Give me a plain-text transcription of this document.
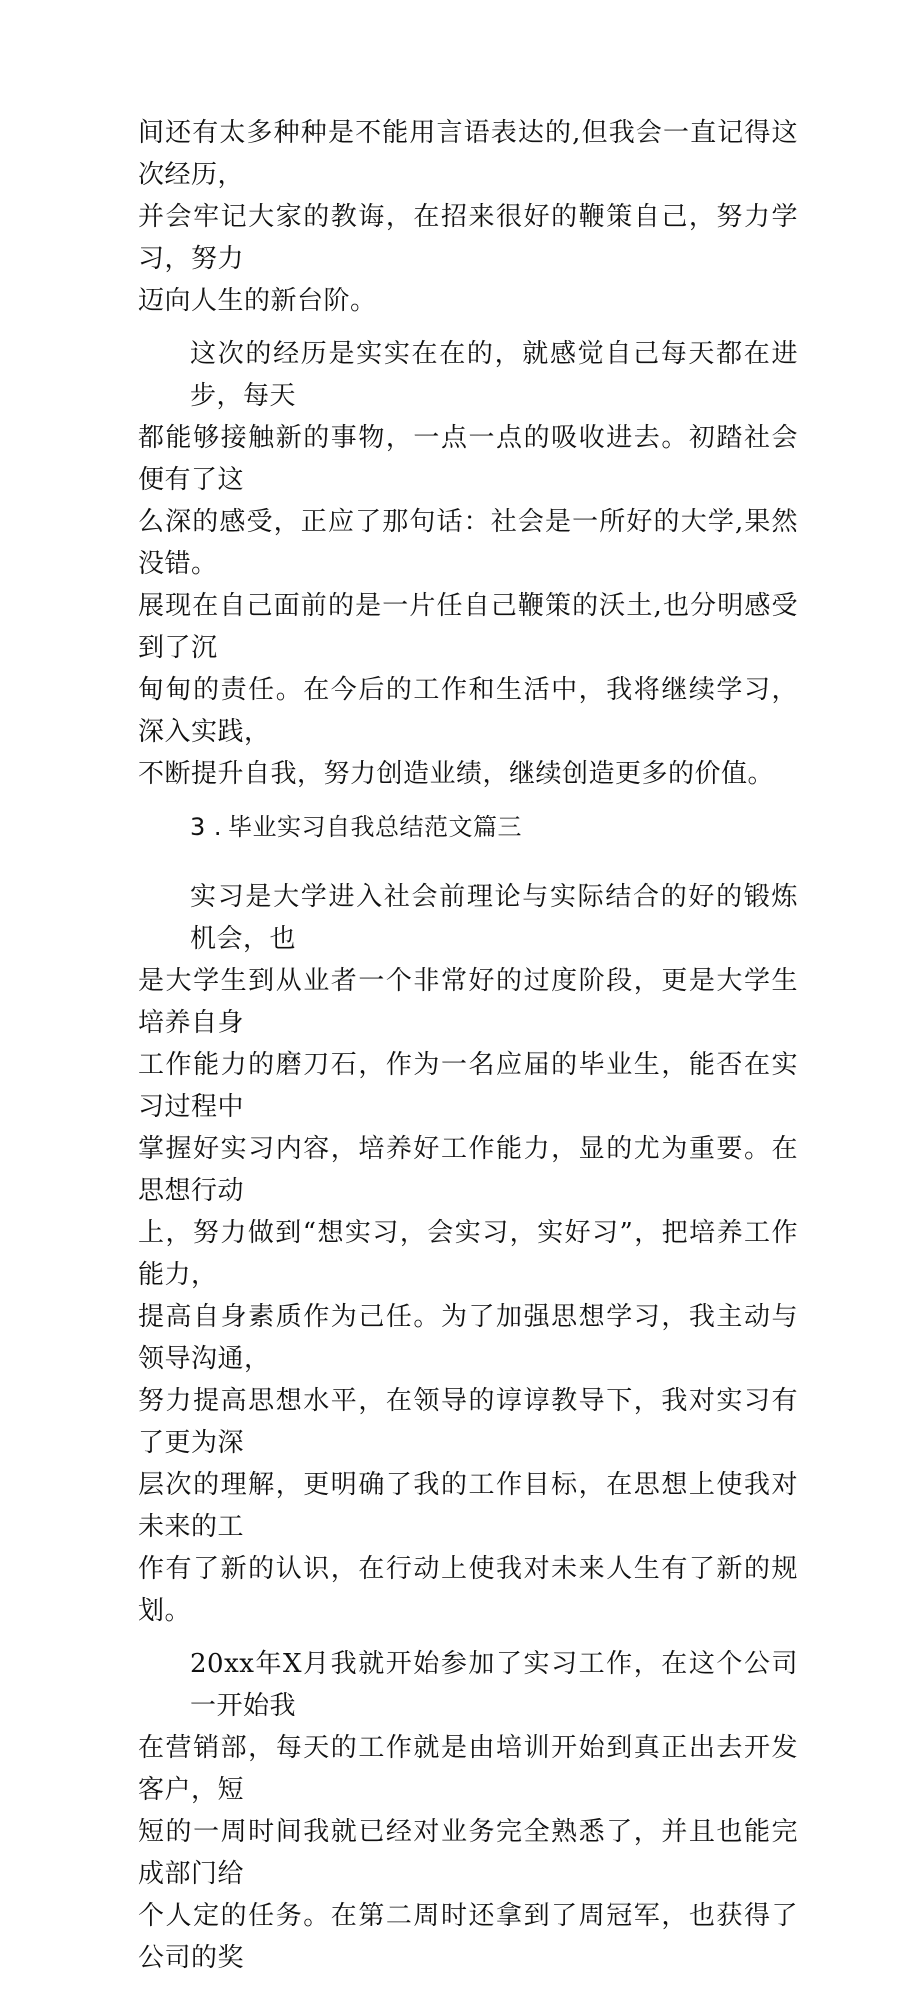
间还有太多种种是不能用言语表达的,但我会一直记得这次经历，
并会牢记大家的教诲，在招来很好的鞭策自己，努力学习，努力
迈向人生的新台阶。

这次的经历是实实在在的，就感觉自己每天都在进步，每天
都能够接触新的事物，一点一点的吸收进去。初踏社会便有了这
么深的感受，正应了那句话：社会是一所好的大学,果然没错。
展现在自己面前的是一片任自己鞭策的沃土,也分明感受到了沉
甸甸的责任。在今后的工作和生活中，我将继续学习，深入实践，
不断提升自我，努力创造业绩，继续创造更多的价值。

3 . 毕业实习自我总结范文篇三

实习是大学进入社会前理论与实际结合的好的锻炼机会，也
是大学生到从业者一个非常好的过度阶段，更是大学生培养自身
工作能力的磨刀石，作为一名应届的毕业生，能否在实习过程中
掌握好实习内容，培养好工作能力，显的尤为重要。在思想行动
上，努力做到“想实习，会实习，实好习”，把培养工作能力，
提高自身素质作为己任。为了加强思想学习，我主动与领导沟通，
努力提高思想水平，在领导的谆谆教导下，我对实习有了更为深
层次的理解，更明确了我的工作目标，在思想上使我对未来的工
作有了新的认识，在行动上使我对未来人生有了新的规划。

20xx年X月我就开始参加了实习工作，在这个公司一开始我
在营销部，每天的工作就是由培训开始到真正出去开发客户，短
短的一周时间我就已经对业务完全熟悉了，并且也能完成部门给
个人定的任务。在第二周时还拿到了周冠军，也获得了公司的奖
